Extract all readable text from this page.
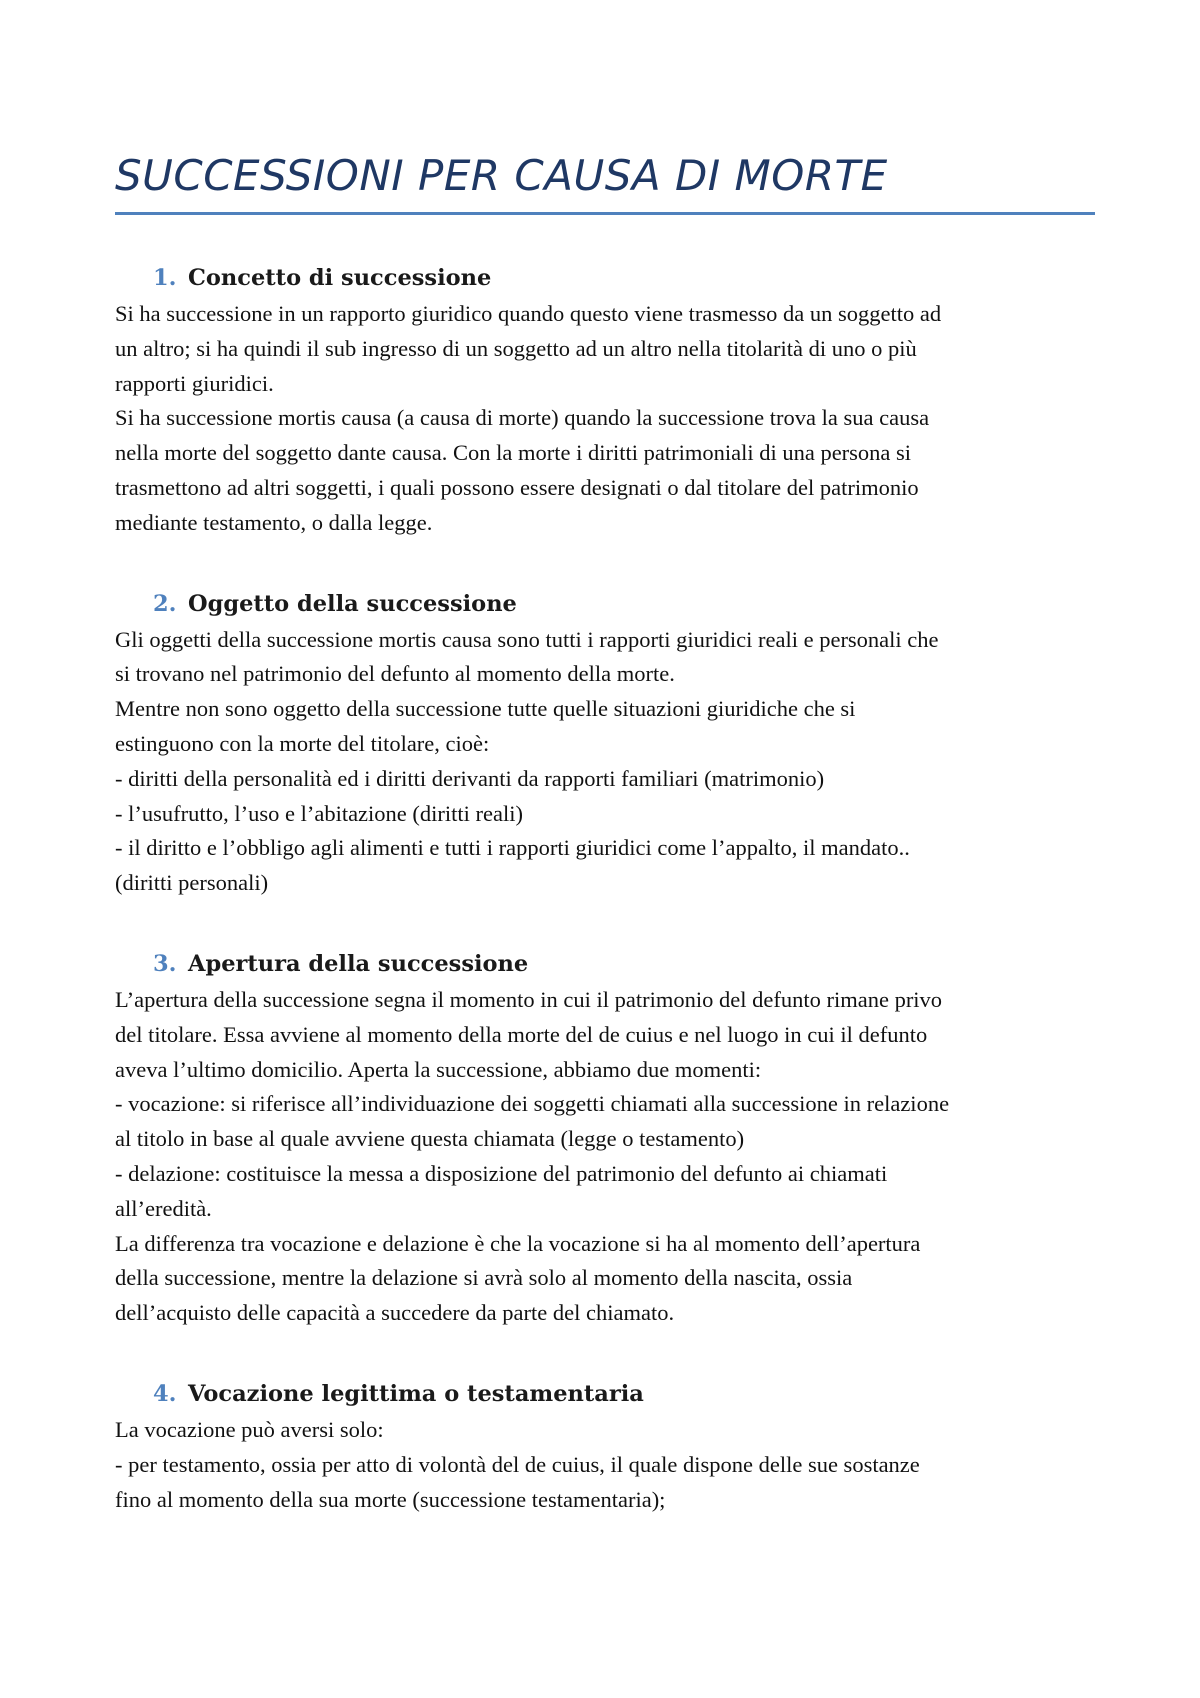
SUCCESSIONI PER CAUSA DI MORTE
1. Concetto di successione

Si ha successione in un rapporto giuridico quando questo viene trasmesso da un soggetto ad

un altro; si ha quindi il sub ingresso di un soggetto ad un altro nella titolarità di uno o più

rapporti giuridici.

Si ha successione mortis causa (a causa di morte) quando la successione trova la sua causa

nella morte del soggetto dante causa. Con la morte i diritti patrimoniali di una persona si

trasmettono ad altri soggetti, i quali possono essere designati o dal titolare del patrimonio

mediante testamento, o dalla legge.

2. Oggetto della successione

Gli oggetti della successione mortis causa sono tutti i rapporti giuridici reali e personali che

si trovano nel patrimonio del defunto al momento della morte.

Mentre non sono oggetto della successione tutte quelle situazioni giuridiche che si

estinguono con la morte del titolare, cioè:

- diritti della personalità ed i diritti derivanti da rapporti familiari (matrimonio)

- l’usufrutto, l’uso e l’abitazione (diritti reali)

- il diritto e l’obbligo agli alimenti e tutti i rapporti giuridici come l’appalto, il mandato..

(diritti personali)

3. Apertura della successione

L’apertura della successione segna il momento in cui il patrimonio del defunto rimane privo

del titolare. Essa avviene al momento della morte del de cuius e nel luogo in cui il defunto

aveva l’ultimo domicilio. Aperta la successione, abbiamo due momenti:

- vocazione: si riferisce all’individuazione dei soggetti chiamati alla successione in relazione

al titolo in base al quale avviene questa chiamata (legge o testamento)

- delazione: costituisce la messa a disposizione del patrimonio del defunto ai chiamati

all’eredità.

La differenza tra vocazione e delazione è che la vocazione si ha al momento dell’apertura

della successione, mentre la delazione si avrà solo al momento della nascita, ossia

dell’acquisto delle capacità a succedere da parte del chiamato.

4. Vocazione legittima o testamentaria

La vocazione può aversi solo:

- per testamento, ossia per atto di volontà del de cuius, il quale dispone delle sue sostanze

fino al momento della sua morte (successione testamentaria);
